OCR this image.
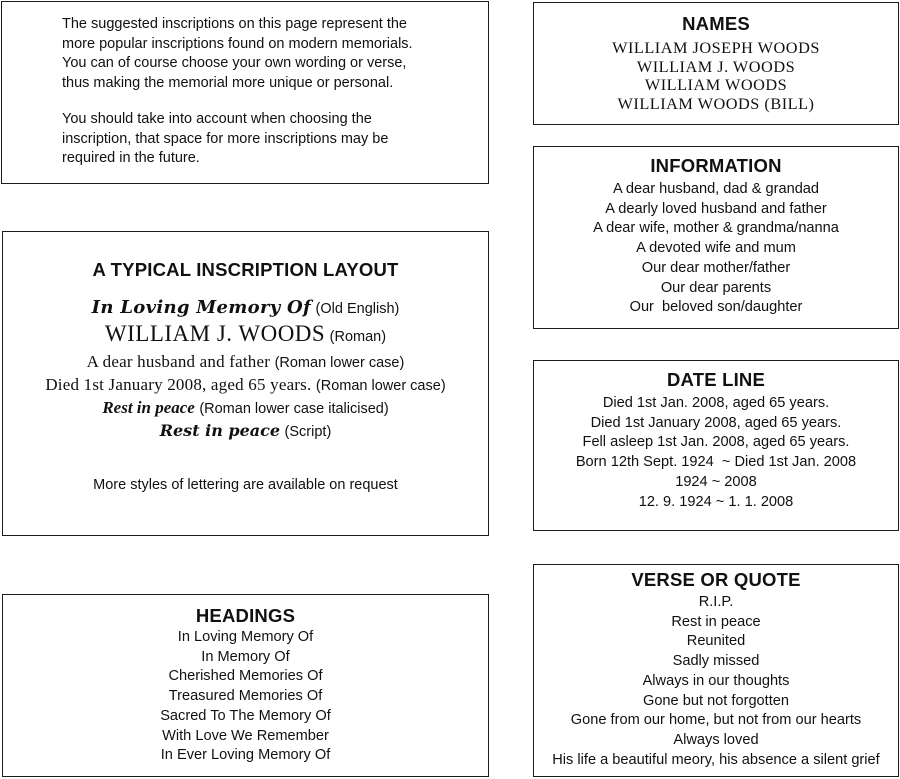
The suggested inscriptions on this page represent the
more popular inscriptions found on modern memorials.
You can of course choose your own wording or verse,
thus making the memorial more unique or personal.

You should take into account when choosing the
inscription, that space for more inscriptions may be
required in the future.

A TYPICAL INSCRIPTION LAYOUT
In Loving Memory Of (Old English)
WILLIAM J. WOODS (Roman)
A dear husband and father (Roman lower case)
Died 1st January 2008, aged 65 years. (Roman lower case)
Rest in peace (Roman lower case italicised)
Rest in peace (Script)
More styles of lettering are available on request
HEADINGS
In Loving Memory Of
In Memory Of
Cherished Memories Of
Treasured Memories Of
Sacred To The Memory Of
With Love We Remember
In Ever Loving Memory Of
NAMES
WILLIAM JOSEPH WOODS
WILLIAM J. WOODS
WILLIAM WOODS
WILLIAM WOODS (BILL)
INFORMATION
A dear husband, dad & grandad
A dearly loved husband and father
A dear wife, mother & grandma/nanna
A devoted wife and mum
Our dear mother/father
Our dear parents
Our  beloved son/daughter
DATE LINE
Died 1st Jan. 2008, aged 65 years.
Died 1st January 2008, aged 65 years.
Fell asleep 1st Jan. 2008, aged 65 years.
Born 12th Sept. 1924  ~ Died 1st Jan. 2008
1924 ~ 2008
12. 9. 1924 ~ 1. 1. 2008
VERSE OR QUOTE
R.I.P.
Rest in peace
Reunited
Sadly missed
Always in our thoughts
Gone but not forgotten
Gone from our home, but not from our hearts
Always loved
His life a beautiful meory, his absence a silent grief
